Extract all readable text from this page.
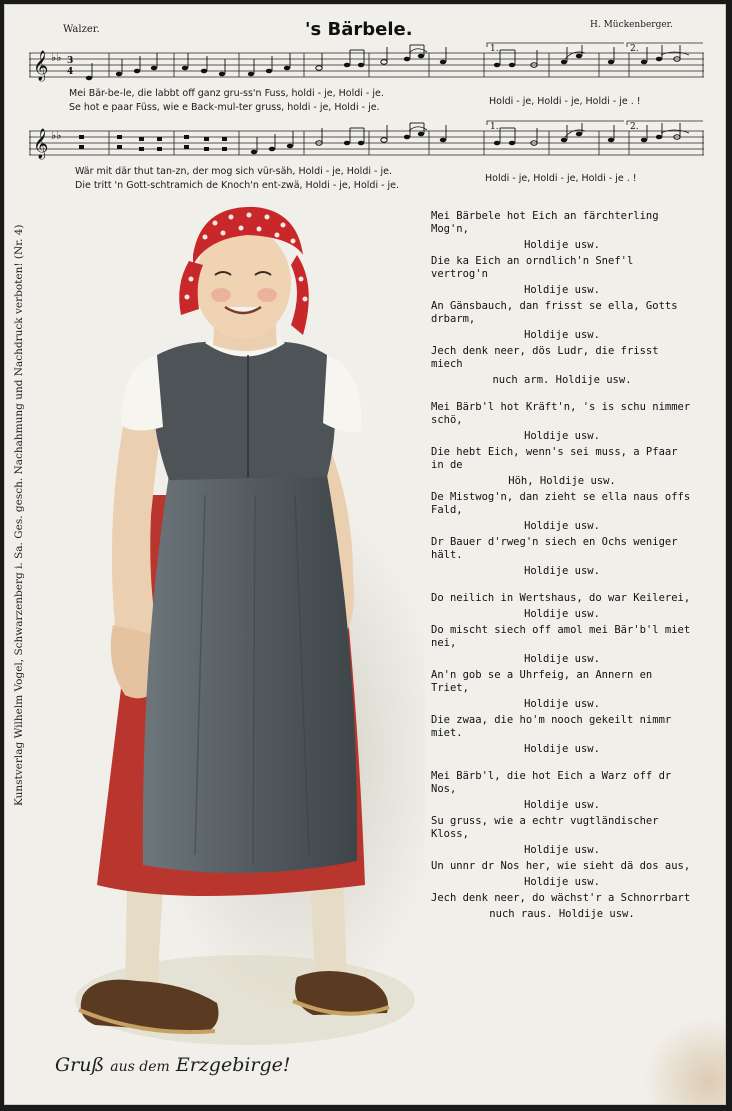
Walzer.	's Bärbele.	H. Mückenberger.
𝄞 ♭♭ 3
4
1.	2.
Mei Bär-be-le, die labbt off ganz gru-ss'n Fuss, holdi - je, Holdi - je.
Se hot e paar Füss, wie e Back-mul-ter gruss, holdi - je, Holdi - je.
Holdi - je, Holdi - je, Holdi - je . !
𝄞 ♭♭
1.	2.
Wär mit där thut tan-zn, der mog sich vür-säh, Holdi - je, Holdi - je.
Die tritt 'n Gott-schtramich de Knoch'n ent-zwä, Holdi - je, Holdi - je.
Holdi - je, Holdi - je, Holdi - je . !
Mei Bärbele hot Eich an färchterling Mog'n,
Holdije usw.
Die ka Eich an orndlich'n Snef'l vertrog'n
Holdije usw.
An Gänsbauch, dan frisst se ella, Gotts drbarm,
Holdije usw.
Jech denk neer, dös Ludr, die frisst miech
nuch arm. Holdije usw.
Mei Bärb'l hot Kräft'n, 's is schu nimmer schö,
Holdije usw.
Die hebt Eich, wenn's sei muss, a Pfaar in de
Höh, Holdije usw.
De Mistwog'n, dan zieht se ella naus offs Fald,
Holdije usw.
Dr Bauer d'rweg'n siech en Ochs weniger hält.
Holdije usw.
Do neilich in Wertshaus, do war Keilerei,
Holdije usw.
Do mischt siech off amol mei Bär'b'l miet nei,
Holdije usw.
An'n gob se a Uhrfeig, an Annern en Triet,
Holdije usw.
Die zwaa, die ho'm nooch gekeilt nimmr miet.
Holdije usw.
Mei Bärb'l, die hot Eich a Warz off dr Nos,
Holdije usw.
Su gruss, wie a echtr vugtländischer Kloss,
Holdije usw.
Un unnr dr Nos her, wie sieht dä dos aus,
Holdije usw.
Jech denk neer, do wächst'r a Schnorrbart
nuch raus. Holdije usw.
Kunstverlag Wilhelm Vogel, Schwarzenberg i. Sa. Ges. gesch. Nachahmung und Nachdruck verboten! (Nr. 4)
Gruß aus dem Erzgebirge!
